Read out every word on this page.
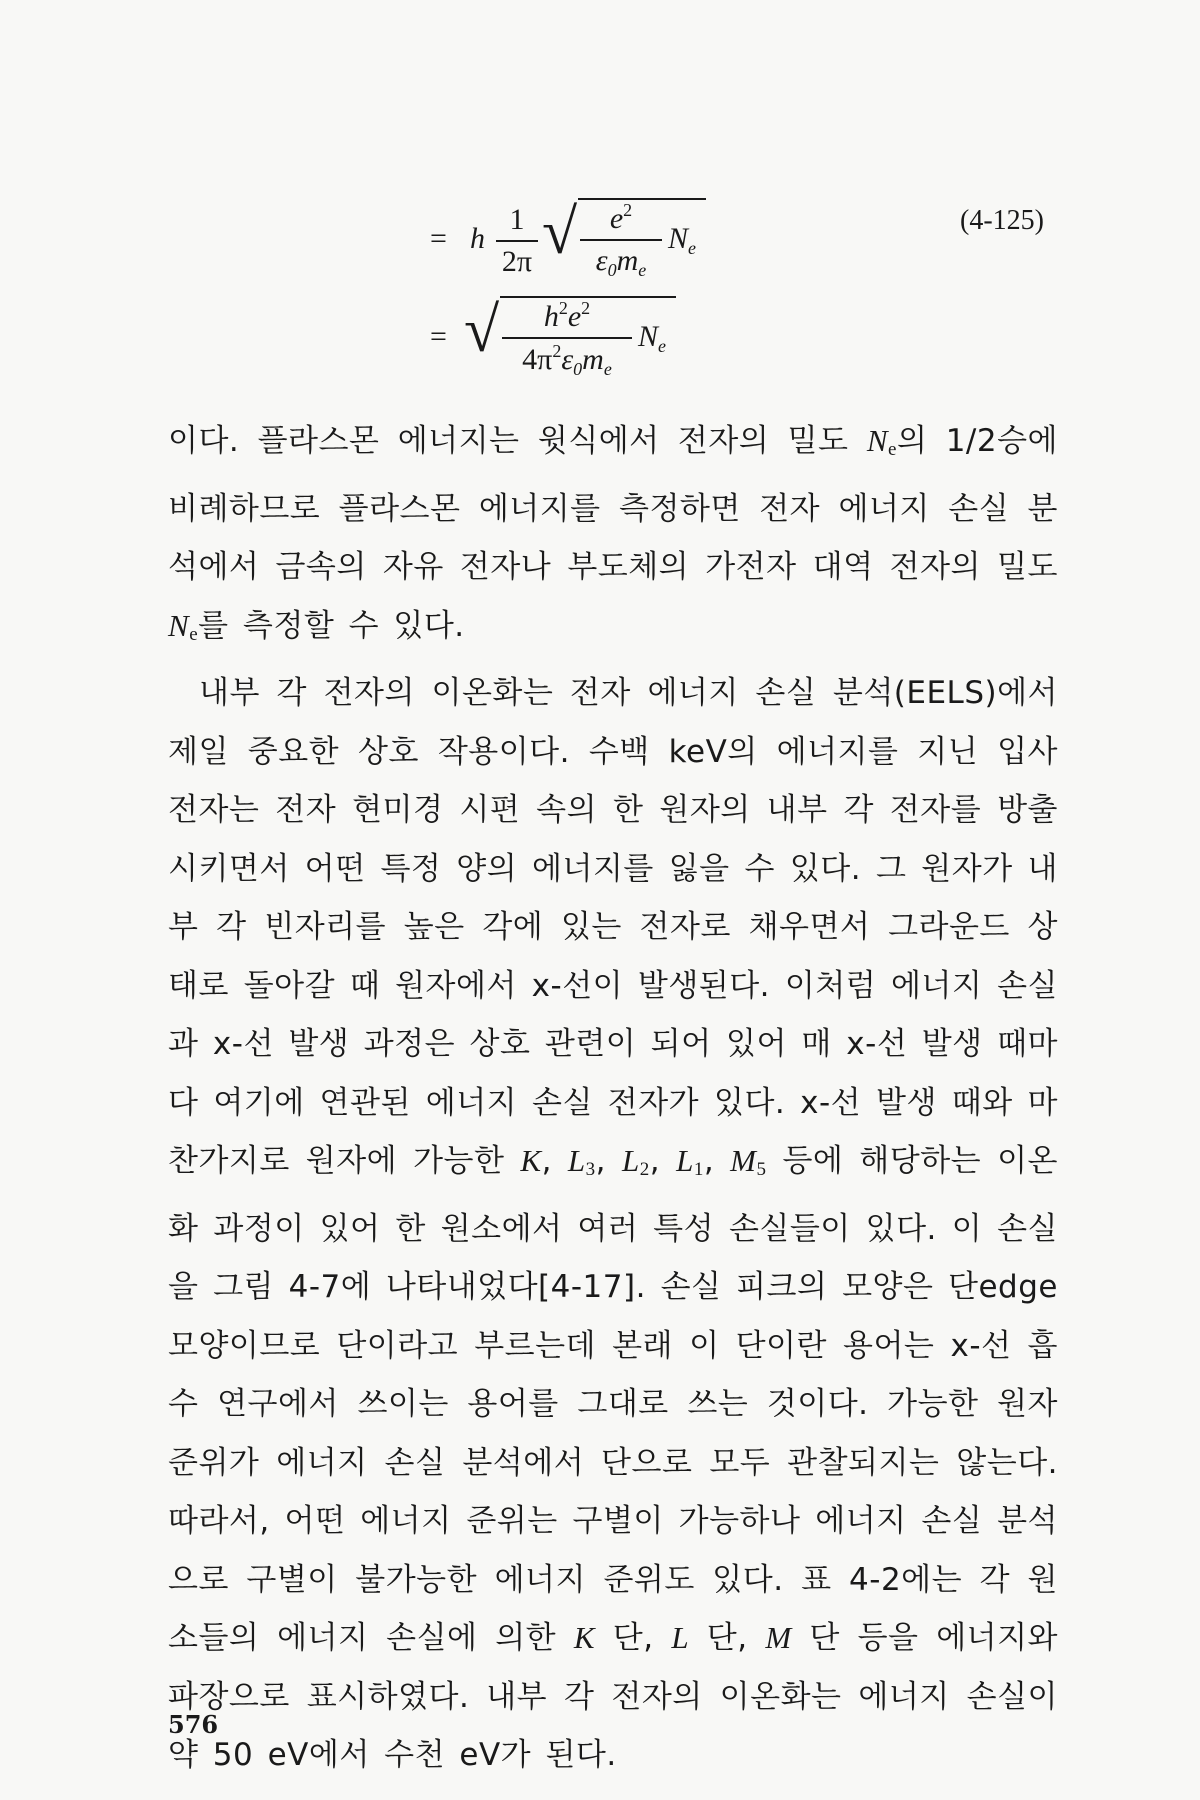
= h
1
2π √	$e^2$
$\varepsilon_0m_e$
$N_e$
= √	$h^2e^2$
$4\pi^2\varepsilon_0m_e$
$N_e$
(4-125)

이다. 플라스몬 에너지는 윗식에서 전자의 밀도 Ne의 1/2승에 비례하므로 플라스몬 에너지를 측정하면 전자 에너지 손실 분석에서 금속의 자유 전자나 부도체의 가전자 대역 전자의 밀도 Ne를 측정할 수 있다.

내부 각 전자의 이온화는 전자 에너지 손실 분석(EELS)에서 제일 중요한 상호 작용이다. 수백 keV의 에너지를 지닌 입사 전자는 전자 현미경 시편 속의 한 원자의 내부 각 전자를 방출시키면서 어떤 특정 양의 에너지를 잃을 수 있다. 그 원자가 내부 각 빈자리를 높은 각에 있는 전자로 채우면서 그라운드 상태로 돌아갈 때 원자에서 x-선이 발생된다. 이처럼 에너지 손실과 x-선 발생 과정은 상호 관련이 되어 있어 매 x-선 발생 때마다 여기에 연관된 에너지 손실 전자가 있다. x-선 발생 때와 마찬가지로 원자에 가능한 K, L3, L2, L1, M5 등에 해당하는 이온화 과정이 있어 한 원소에서 여러 특성 손실들이 있다. 이 손실을 그림 4-7에 나타내었다[4-17]. 손실 피크의 모양은 단edge 모양이므로 단이라고 부르는데 본래 이 단이란 용어는 x-선 흡수 연구에서 쓰이는 용어를 그대로 쓰는 것이다. 가능한 원자 준위가 에너지 손실 분석에서 단으로 모두 관찰되지는 않는다. 따라서, 어떤 에너지 준위는 구별이 가능하나 에너지 손실 분석으로 구별이 불가능한 에너지 준위도 있다. 표 4-2에는 각 원소들의 에너지 손실에 의한 K 단, L 단, M 단 등을 에너지와 파장으로 표시하였다. 내부 각 전자의 이온화는 에너지 손실이 약 50 eV에서 수천 eV가 된다.

576
